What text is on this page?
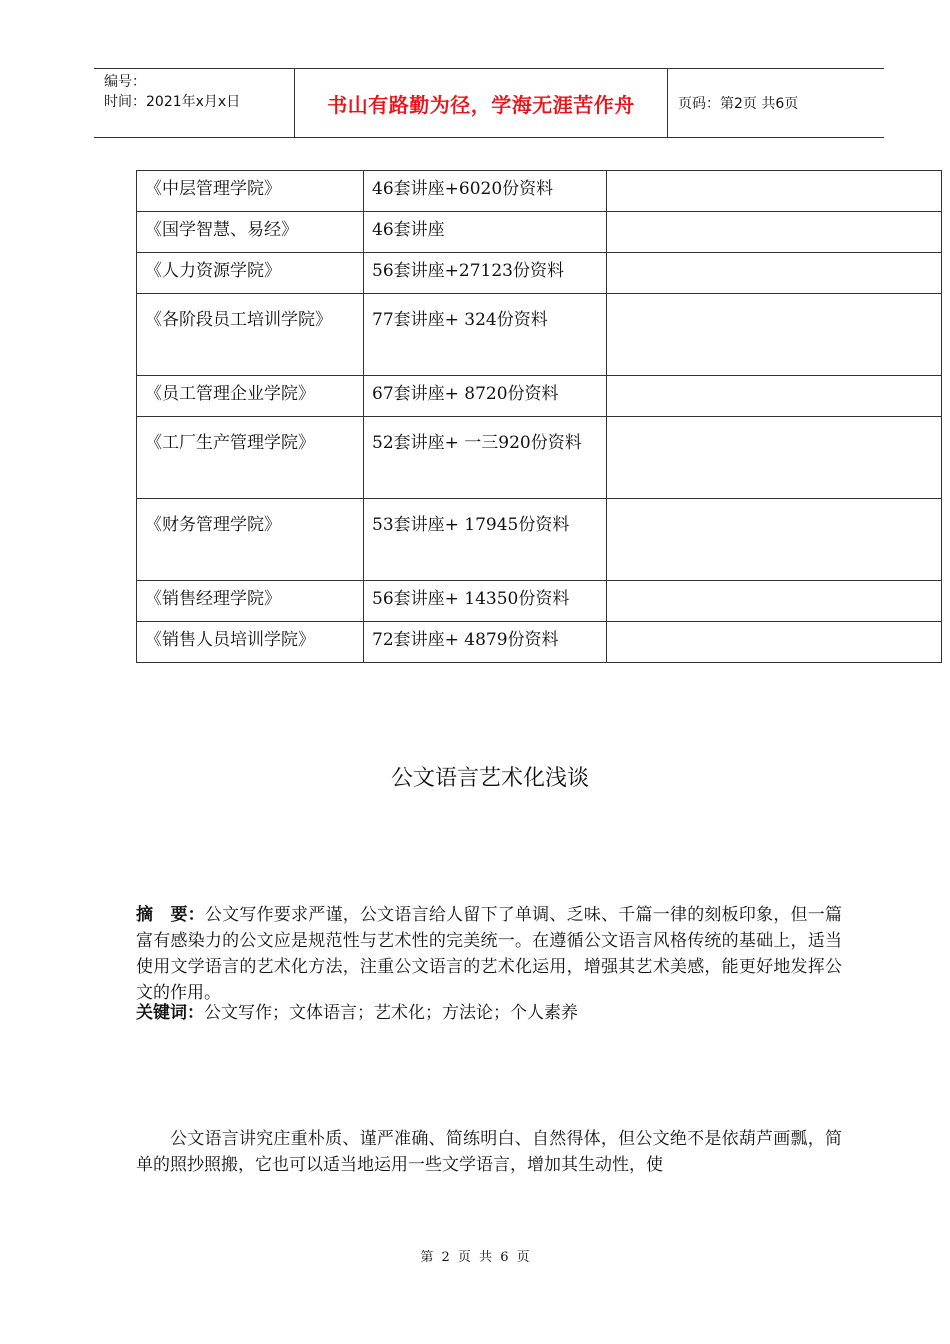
编号：
时间：2021年x月x日	书山有路勤为径，学海无涯苦作舟	页码：第2页 共6页
《中层管理学院》	46套讲座+6020份资料	
《国学智慧、易经》	46套讲座	
《人力资源学院》	56套讲座+27123份资料	
《各阶段员工培训学院》	77套讲座+ 324份资料	
《员工管理企业学院》	67套讲座+ 8720份资料	
《工厂生产管理学院》	52套讲座+ 一三920份资料	
《财务管理学院》	53套讲座+ 17945份资料	
《销售经理学院》	56套讲座+ 14350份资料	
《销售人员培训学院》	72套讲座+ 4879份资料	
公文语言艺术化浅谈
摘　要：公文写作要求严谨，公文语言给人留下了单调、乏味、千篇一律的刻板印象，但一篇富有感染力的公文应是规范性与艺术性的完美统一。在遵循公文语言风格传统的基础上，适当使用文学语言的艺术化方法，注重公文语言的艺术化运用，增强其艺术美感，能更好地发挥公文的作用。
关键词：公文写作；文体语言；艺术化；方法论；个人素养
公文语言讲究庄重朴质、谨严准确、简练明白、自然得体，但公文绝不是依葫芦画瓢，简单的照抄照搬，它也可以适当地运用一些文学语言，增加其生动性，使
第 2 页 共 6 页
